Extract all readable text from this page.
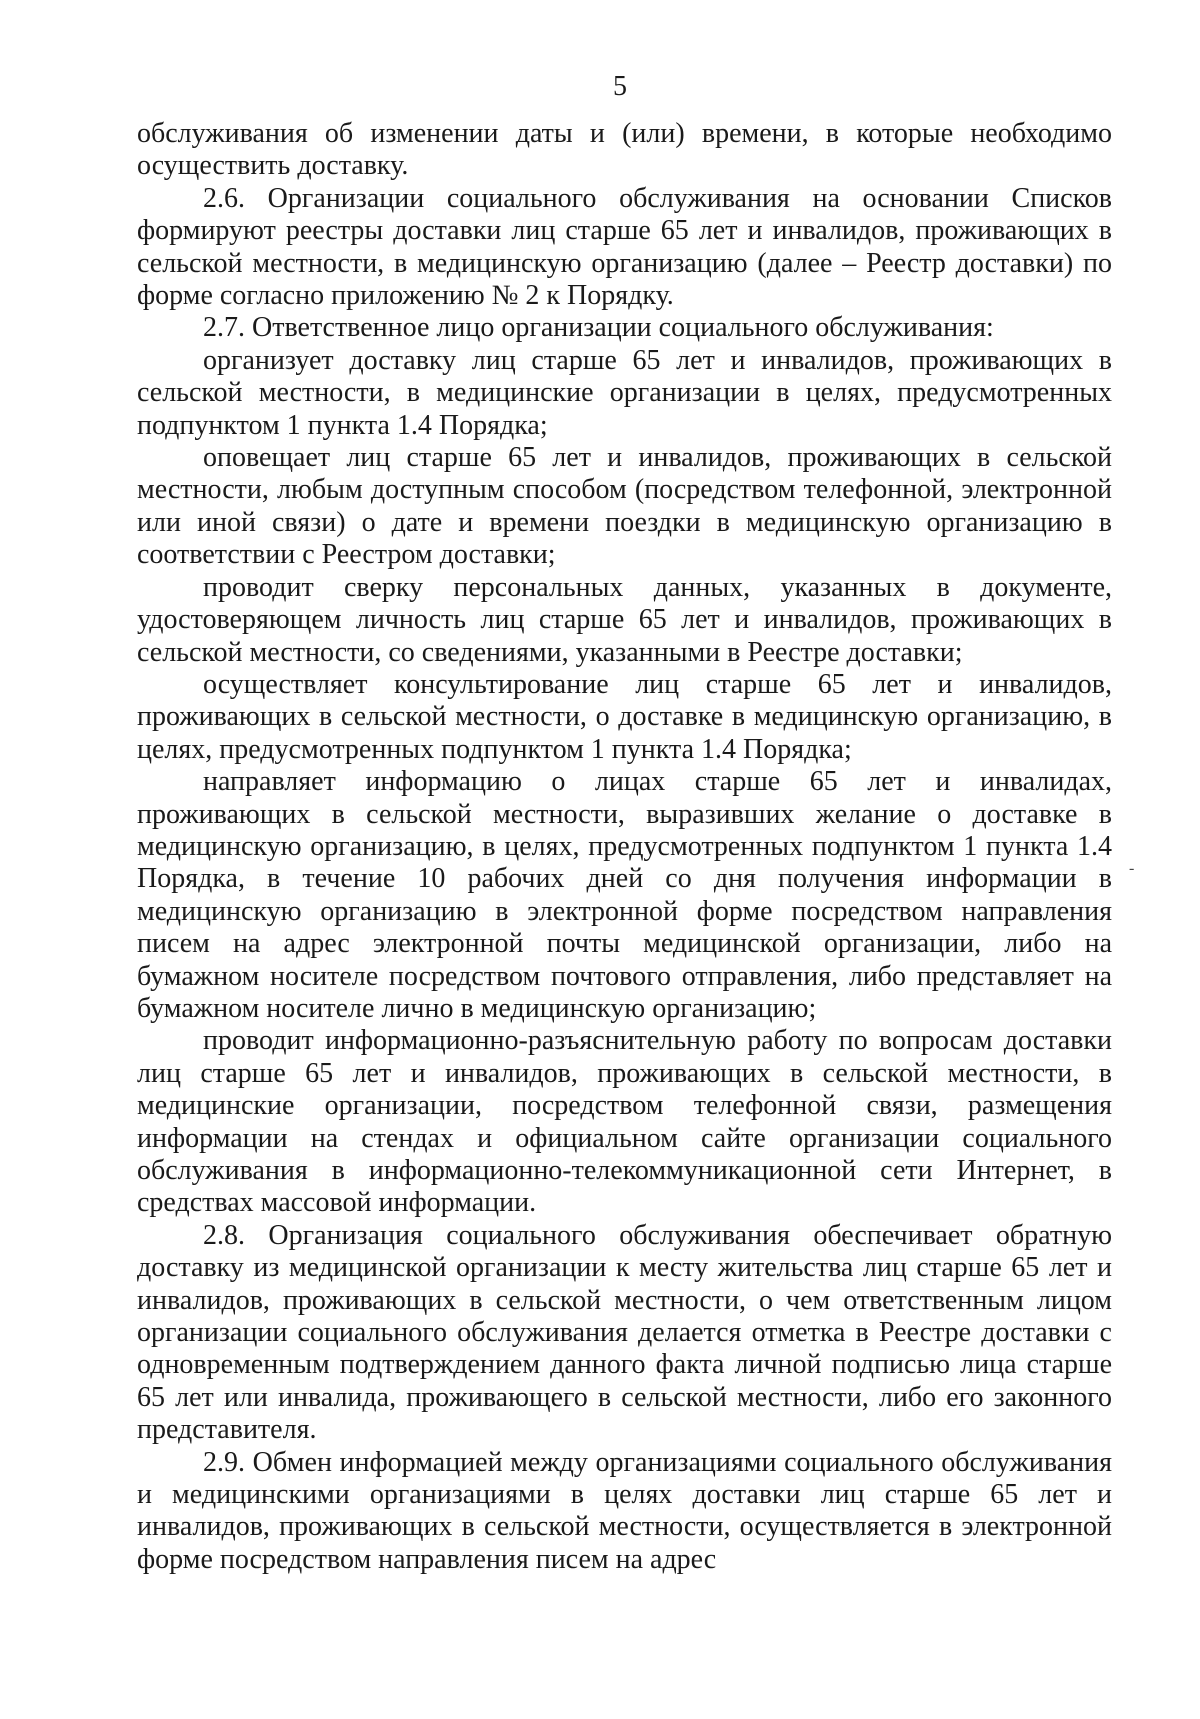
5

обслуживания об изменении даты и (или) времени, в которые необходимо осуществить доставку.

2.6. Организации социального обслуживания на основании Списков формируют реестры доставки лиц старше 65 лет и инвалидов, проживающих в сельской местности, в медицинскую организацию (далее – Реестр доставки) по форме согласно приложению № 2 к Порядку.

2.7. Ответственное лицо организации социального обслуживания:

организует доставку лиц старше 65 лет и инвалидов, проживающих в сельской местности, в медицинские организации в целях, предусмотренных подпунктом 1 пункта 1.4 Порядка;

оповещает лиц старше 65 лет и инвалидов, проживающих в сельской местности, любым доступным способом (посредством телефонной, электронной или иной связи) о дате и времени поездки в медицинскую организацию в соответствии с Реестром доставки;

проводит сверку персональных данных, указанных в документе, удостоверяющем личность лиц старше 65 лет и инвалидов, проживающих в сельской местности, со сведениями, указанными в Реестре доставки;

осуществляет консультирование лиц старше 65 лет и инвалидов, проживающих в сельской местности, о доставке в медицинскую организацию, в целях, предусмотренных подпунктом 1 пункта 1.4 Порядка;

направляет информацию о лицах старше 65 лет и инвалидах, проживающих в сельской местности, выразивших желание о доставке в медицинскую организацию, в целях, предусмотренных подпунктом 1 пункта 1.4 Порядка, в течение 10 рабочих дней со дня получения информации в медицинскую организацию в электронной форме посредством направления писем на адрес электронной почты медицинской организации, либо на бумажном носителе посредством почтового отправления, либо представляет на бумажном носителе лично в медицинскую организацию;

проводит информационно-разъяснительную работу по вопросам доставки лиц старше 65 лет и инвалидов, проживающих в сельской местности, в медицинские организации, посредством телефонной связи, размещения информации на стендах и официальном сайте организации социального обслуживания в информационно-телекоммуникационной сети Интернет, в средствах массовой информации.

2.8. Организация социального обслуживания обеспечивает обратную доставку из медицинской организации к месту жительства лиц старше 65 лет и инвалидов, проживающих в сельской местности, о чем ответственным лицом организации социального обслуживания делается отметка в Реестре доставки с одновременным подтверждением данного факта личной подписью лица старше 65 лет или инвалида, проживающего в сельской местности, либо его законного представителя.

2.9. Обмен информацией между организациями социального обслуживания и медицинскими организациями в целях доставки лиц старше 65 лет и инвалидов, проживающих в сельской местности, осуществляется в электронной форме посредством направления писем на адрес

-
